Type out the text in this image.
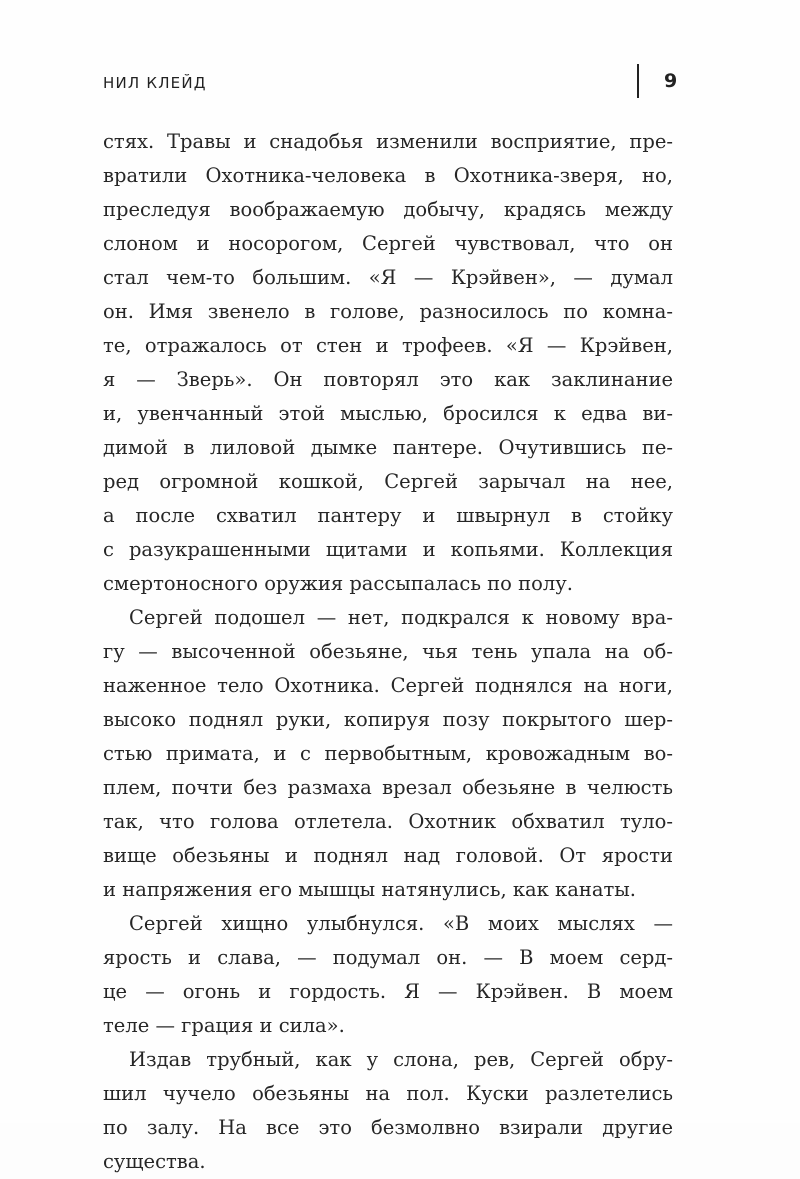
НИЛ КЛЕЙД	9
стях. Травы и снадобья изменили восприятие, пре-
вратили Охотника-человека в Охотника-зверя, но,
преследуя воображаемую добычу, крадясь между
слоном и носорогом, Сергей чувствовал, что он
стал чем-то большим. «Я — Крэйвен», — думал
он. Имя звенело в голове, разносилось по комна-
те, отражалось от стен и трофеев. «Я — Крэйвен,
я — Зверь». Он повторял это как заклинание
и, увенчанный этой мыслью, бросился к едва ви-
димой в лиловой дымке пантере. Очутившись пе-
ред огромной кошкой, Сергей зарычал на нее,
а после схватил пантеру и швырнул в стойку
с разукрашенными щитами и копьями. Коллекция
смертоносного оружия рассыпалась по полу.
Сергей подошел — нет, подкрался к новому вра-
гу — высоченной обезьяне, чья тень упала на об-
наженное тело Охотника. Сергей поднялся на ноги,
высоко поднял руки, копируя позу покрытого шер-
стью примата, и с первобытным, кровожадным во-
плем, почти без размаха врезал обезьяне в челюсть
так, что голова отлетела. Охотник обхватил туло-
вище обезьяны и поднял над головой. От ярости
и напряжения его мышцы натянулись, как канаты.
Сергей хищно улыбнулся. «В моих мыслях —
ярость и слава, — подумал он. — В моем серд-
це — огонь и гордость. Я — Крэйвен. В моем
теле — грация и сила».
Издав трубный, как у слона, рев, Сергей обру-
шил чучело обезьяны на пол. Куски разлетелись
по залу. На все это безмолвно взирали другие
существа.
